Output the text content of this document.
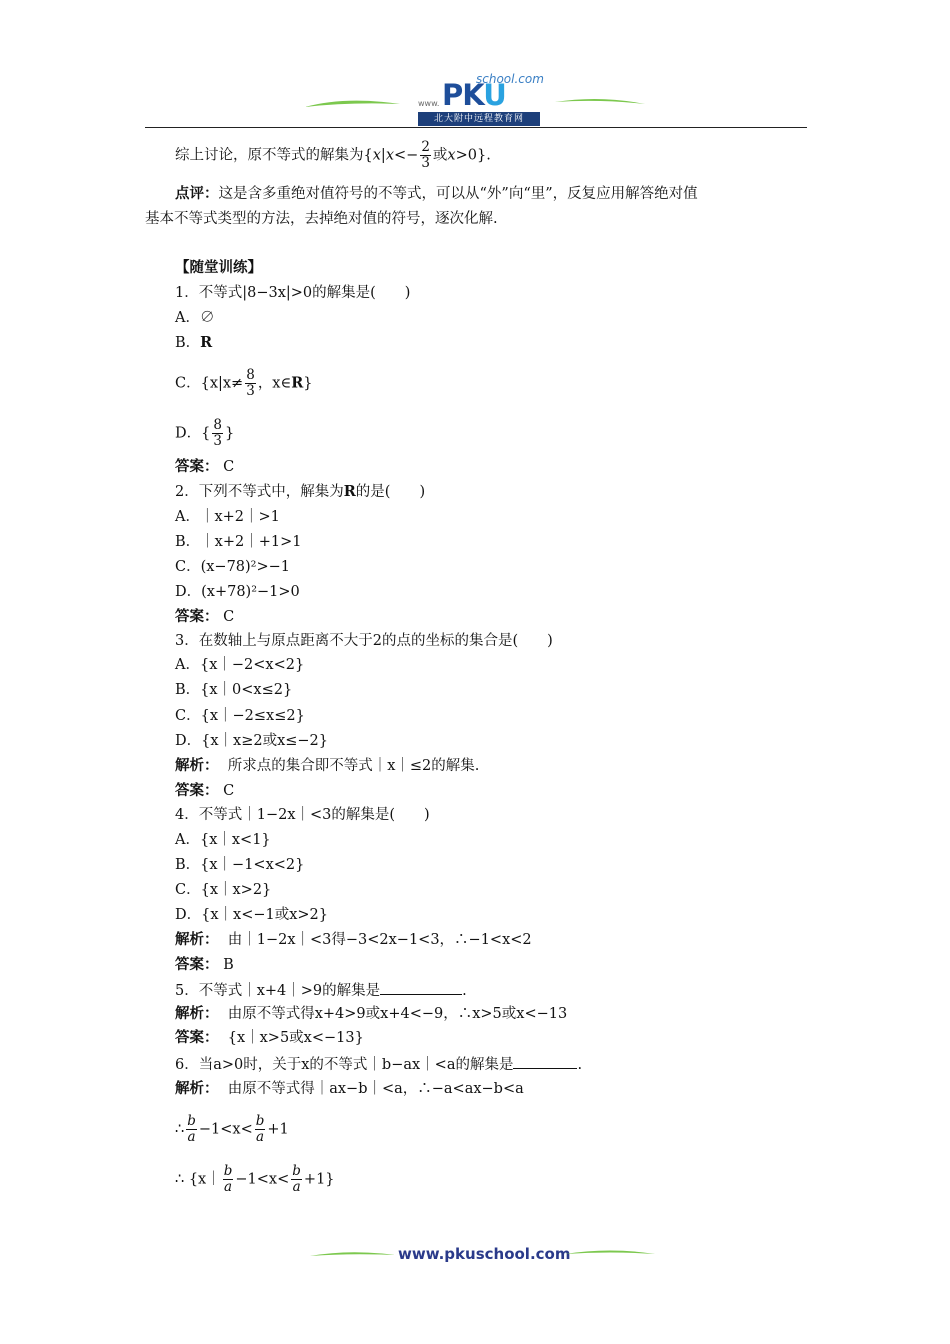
school.com
www. PKU
北大附中远程教育网
综上讨论，原不等式的解集为{$x|x<- \frac{2}{3}$ 或x>0}.
点评：这是含多重绝对值符号的不等式，可以从“外”向“里”，反复应用解答绝对值
基本不等式类型的方法，去掉绝对值的符号，逐次化解.
【随堂训练】
1．不等式|8−3x|>0的解集是(　　)
A．∅
B．R
C．{$x|x\ne \frac{8}{3}$ ，x∈R}
D．{ $\frac{8}{3}$ }
答案： C
2．下列不等式中，解集为R的是(　　)
A．｜x+2｜>1
B．｜x+2｜+1>1
C．(x−78)²>−1
D．(x+78)²−1>0
答案： C
3．在数轴上与原点距离不大于2的点的坐标的集合是(　　)
A．{x｜−2<x<2}
B．{x｜0<x≤2}
C．{x｜−2≤x≤2}
D．{x｜x≥2或x≤−2}
解析： 所求点的集合即不等式｜x｜≤2的解集.
答案： C
4．不等式｜1−2x｜<3的解集是(　　)
A．{x｜x<1}
B．{x｜−1<x<2}
C．{x｜x>2}
D．{x｜x<−1或x>2}
解析： 由｜1−2x｜<3得−3<2x−1<3，∴−1<x<2
答案： B
5．不等式｜x+4｜>9的解集是	.
解析： 由原不等式得x+4>9或x+4<−9，∴x>5或x<−13
答案： {x｜x>5或x<−13}
6．当a>0时，关于x的不等式｜b−ax｜<a的解集是	.
解析： 由原不等式得｜ax−b｜<a，∴−a<ax−b<a
∴ $\frac{b}{a} -1<x< \frac{b}{a} +1$
∴ {x｜ $\frac{b}{a} -1<x< \frac{b}{a} +1$}
www.pkuschool.com
